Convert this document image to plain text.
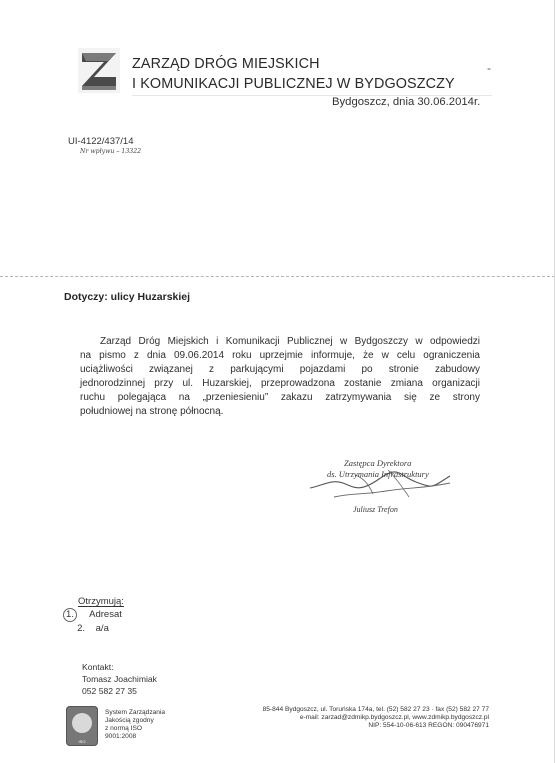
ZARZĄD DRÓG MIEJSKICH
I KOMUNIKACJI PUBLICZNEJ W BYDGOSZCZY
-
Bydgoszcz, dnia 30.06.2014r.
UI-4122/437/14
Nr wpływu – 13322
Dotyczy: ulicy Huzarskiej

Zarząd Dróg Miejskich i Komunikacji Publicznej w Bydgoszczy w odpowiedzi

na pismo z dnia 09.06.2014 roku uprzejmie informuje, że w celu ograniczenia

uciążliwości związanej z parkującymi pojazdami po stronie zabudowy

jednorodzinnej przy ul. Huzarskiej, przeprowadzona zostanie zmiana organizacji

ruchu polegająca na „przeniesieniu” zakazu zatrzymywania się ze strony

południowej na stronę północną.

Zastępca Dyrektora
ds. Utrzymania Infrastruktury
Juliusz Trefon
Otrzymują:
1. Adresat
2. a/a
Kontakt:
Tomasz Joachimiak
052 582 27 35
ISO
System Zarządzania
Jakością zgodny
z normą ISO
9001:2008
85-844 Bydgoszcz, ul. Toruńska 174a, tel. (52) 582 27 23 · fax (52) 582 27 77
e-mail: zarzad@zdmikp.bydgoszcz.pl, www.zdmikp.bydgoszcz.pl
NIP: 554-10-06-613 REGON: 090476971
